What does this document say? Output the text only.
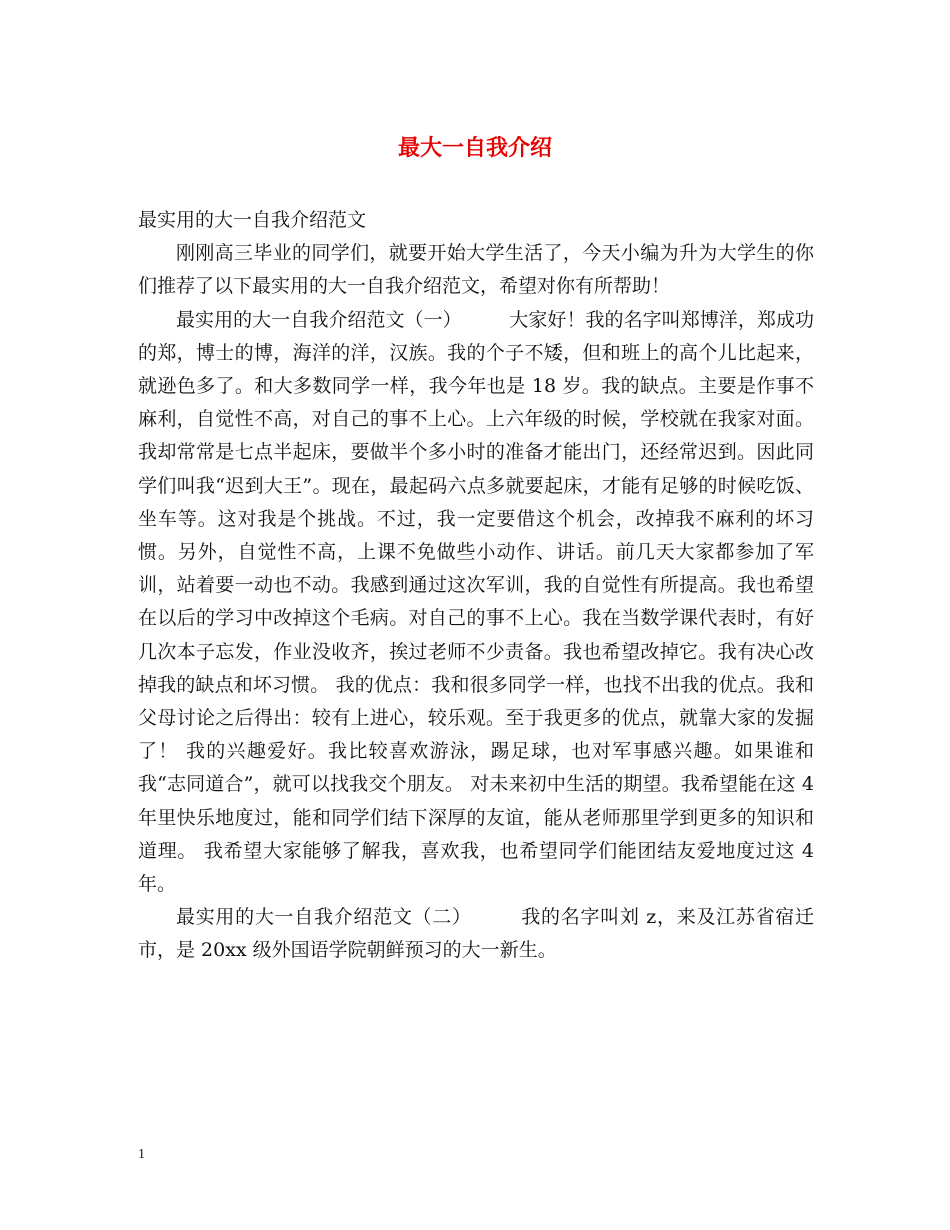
最大一自我介绍

最实用的大一自我介绍范文

刚刚高三毕业的同学们，就要开始大学生活了，今天小编为升为大学生的你们推荐了以下最实用的大一自我介绍范文，希望对你有所帮助！

最实用的大一自我介绍范文（一）　　　大家好！我的名字叫郑博洋，郑成功的郑，博士的博，海洋的洋，汉族。我的个子不矮，但和班上的高个儿比起来，就逊色多了。和大多数同学一样，我今年也是 18 岁。我的缺点。主要是作事不麻利，自觉性不高，对自己的事不上心。上六年级的时候，学校就在我家对面。我却常常是七点半起床，要做半个多小时的准备才能出门，还经常迟到。因此同学们叫我“迟到大王”。现在，最起码六点多就要起床，才能有足够的时候吃饭、坐车等。这对我是个挑战。不过，我一定要借这个机会，改掉我不麻利的坏习惯。另外，自觉性不高，上课不免做些小动作、讲话。前几天大家都参加了军训，站着要一动也不动。我感到通过这次军训，我的自觉性有所提高。我也希望在以后的学习中改掉这个毛病。对自己的事不上心。我在当数学课代表时，有好几次本子忘发，作业没收齐，挨过老师不少责备。我也希望改掉它。我有决心改掉我的缺点和坏习惯。 我的优点：我和很多同学一样，也找不出我的优点。我和父母讨论之后得出：较有上进心，较乐观。至于我更多的优点，就靠大家的发掘了！ 我的兴趣爱好。我比较喜欢游泳，踢足球，也对军事感兴趣。如果谁和我“志同道合”，就可以找我交个朋友。 对未来初中生活的期望。我希望能在这 4 年里快乐地度过，能和同学们结下深厚的友谊，能从老师那里学到更多的知识和道理。 我希望大家能够了解我，喜欢我，也希望同学们能团结友爱地度过这 4 年。

最实用的大一自我介绍范文（二）　　　我的名字叫刘 z，来及江苏省宿迁市，是 20xx 级外国语学院朝鲜预习的大一新生。

1
